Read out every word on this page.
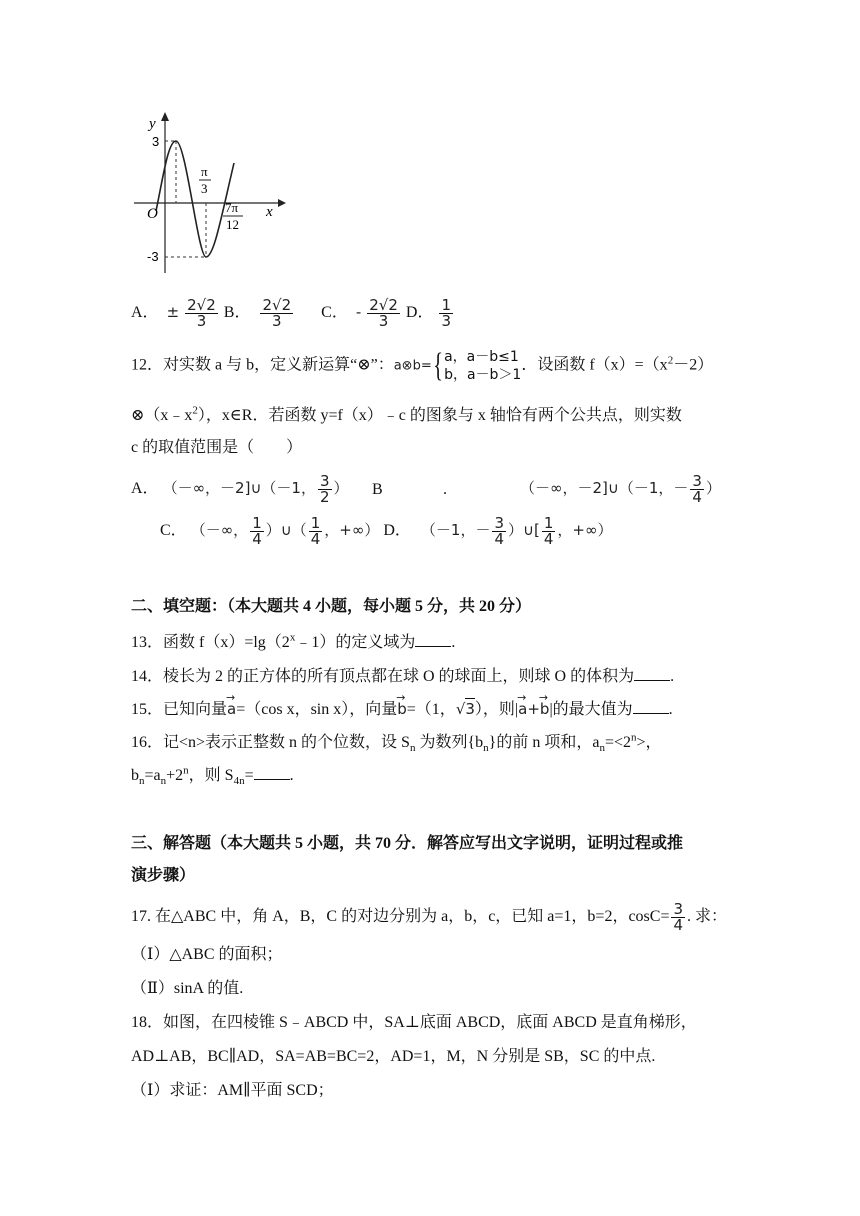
y
x
O
3
-3
π
3
7π
12
A． ± $\frac{2√2}{3}$ B． $\frac{2√2}{3}$ C． - $\frac{2√2}{3}$ D． $\frac{1}{3}$
12．对实数 a 与 b，定义新运算“⊗”：a⊗b={a，a－b≤1
b，a－b＞1．设函数 $f(x)=(x^2-2)$
$\otimes(x﹣x^2)$，x∈R．若函数 y=f（x）﹣c 的图象与 x 轴恰有两个公共点，则实数
c 的取值范围是（　　）
A． （－∞，－2]∪（－1， $\frac{3}{2}$ ） B	.	（－∞，－2]∪（－1，－ $\frac{3}{4}$ ）
C． （－∞， $\frac{1}{4}$ ）∪（ $\frac{1}{4}$ ，+∞） D． （－1，－ $\frac{3}{4}$ ）∪[ $\frac{1}{4}$ ，+∞）
二、填空题：（本大题共 4 小题，每小题 5 分，共 20 分）
13．函数 $f(x)=\lg(2^x﹣1)$的定义域为 .
14．棱长为 2 的正方体的所有顶点都在球 O 的球面上，则球 O 的体积为 .
15．已知向量→ a=（cos x，sin x），向量→ b=（1，√3），则|→ a+→ b|的最大值为 .
16．记<n>表示正整数 n 的个位数，设 $S_n$ 为数列$\{b_n\}$的前 n 项和，$a_n=<2^n>$，
$b_n=a_n+2^n$，则 $S_{4n}=$ .
三、解答题（本大题共 5 小题，共 70 分．解答应写出文字说明，证明过程或推
演步骤）
17. 在△ABC 中，角 A，B，C 的对边分别为 a，b，c，已知 a=1，b=2，$\cos C= \frac{3}{4}$ . 求：
（Ⅰ）△ABC 的面积；
（Ⅱ）sinA 的值.
18．如图，在四棱锥 S﹣ABCD 中，SA⊥底面 ABCD，底面 ABCD 是直角梯形，
AD⊥AB，BC∥AD，SA=AB=BC=2，AD=1，M，N 分别是 SB，SC 的中点.
（Ⅰ）求证：AM∥平面 SCD；
